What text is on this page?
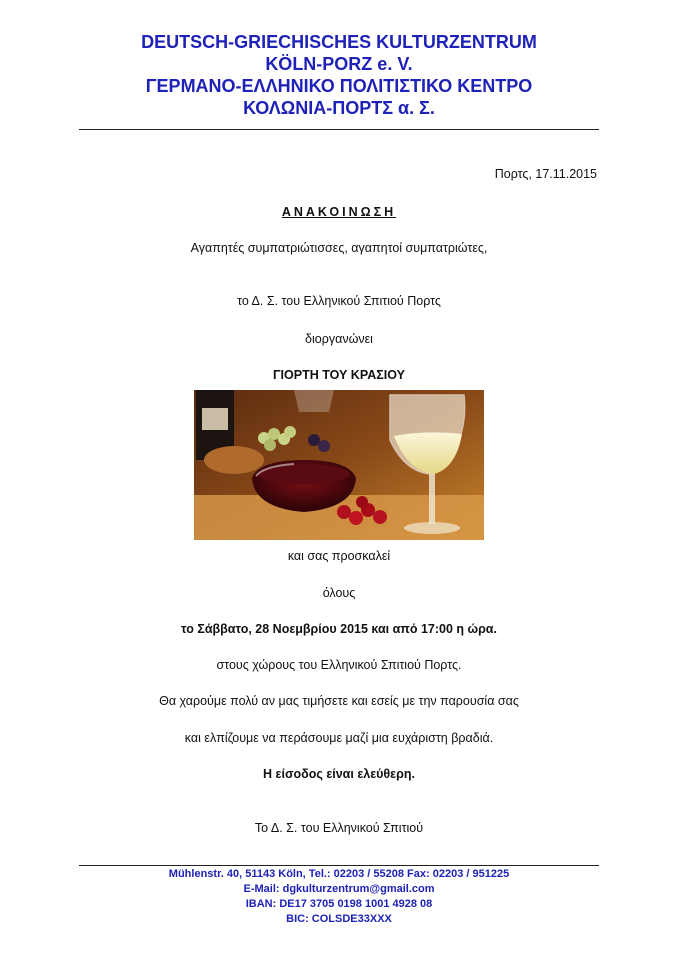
DEUTSCH-GRIECHISCHES KULTURZENTRUM
KÖLN-PORZ e. V.
ΓΕΡΜΑΝΟ-ΕΛΛΗΝΙΚΟ ΠΟΛΙΤΙΣΤΙΚΟ ΚΕΝΤΡΟ
ΚΟΛΩΝΙΑ-ΠΟΡΤΣ α. Σ.
Πορτς, 17.11.2015
ΑΝΑΚΟΙΝΩΣΗ
Αγαπητές συμπατριώτισσες, αγαπητοί συμπατριώτες,
το Δ. Σ. του Ελληνικού Σπιτιού Πορτς
διοργανώνει
ΓΙΟΡΤΗ ΤΟΥ ΚΡΑΣΙΟΥ
και σας προσκαλεί
όλους
το Σάββατο, 28 Νοεμβρίου 2015 και από 17:00 η ώρα.
στους χώρους του Ελληνικού Σπιτιού Πορτς.
Θα χαρούμε πολύ αν μας τιμήσετε και εσείς με την παρουσία σας
και ελπίζουμε να περάσουμε μαζί μια ευχάριστη βραδιά.
Η είσοδος είναι ελεύθερη.
Το Δ. Σ. του Ελληνικού Σπιτιού
Mühlenstr. 40, 51143 Köln, Tel.: 02203 / 55208 Fax: 02203 / 951225
E-Mail: dgkulturzentrum@gmail.com
IBAN: DE17 3705 0198 1001 4928 08
BIC: COLSDE33XXX
